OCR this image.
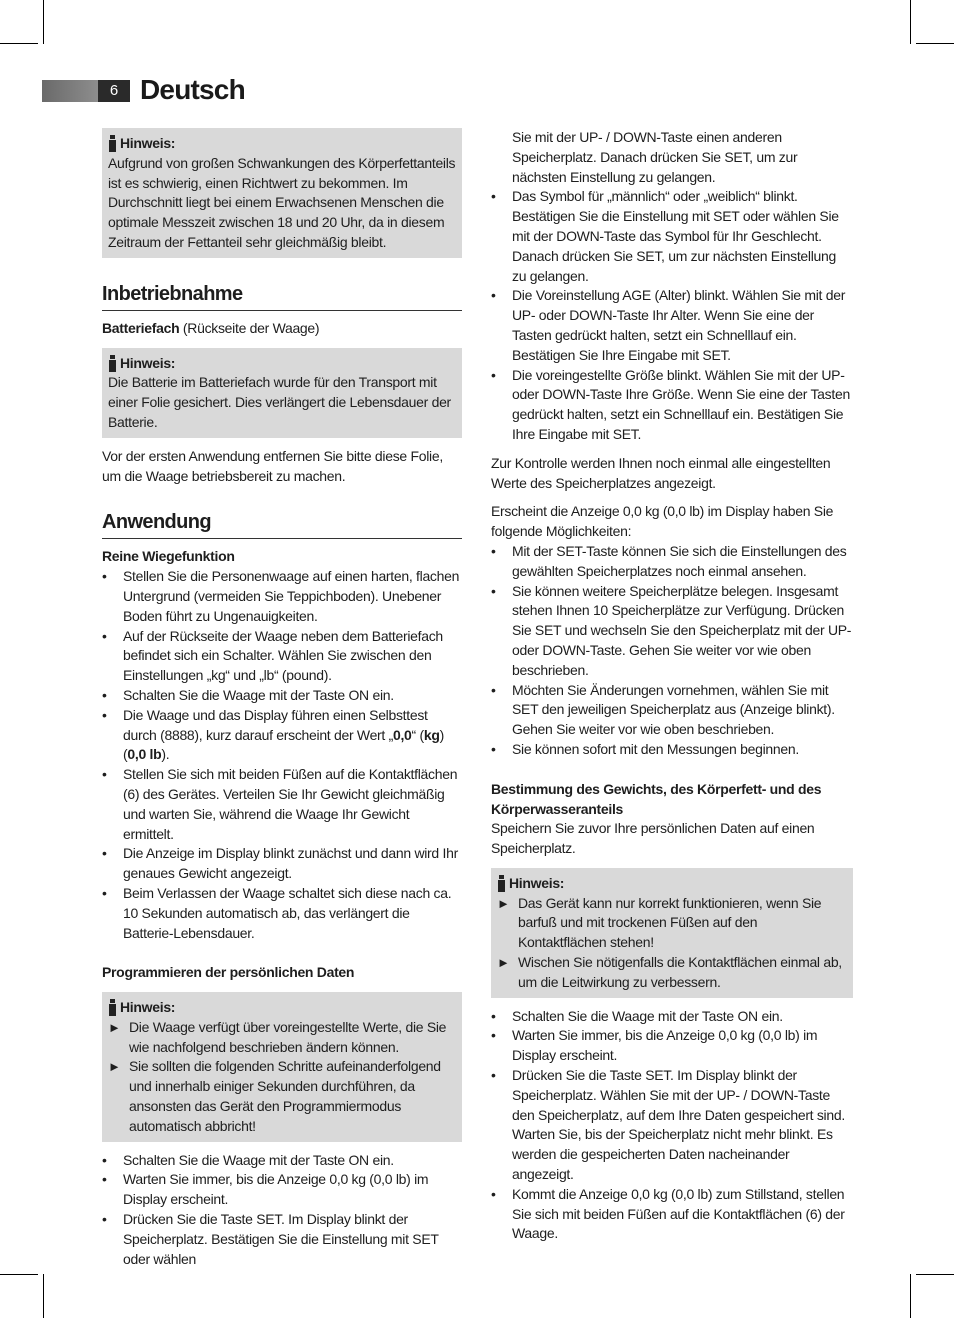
6 Deutsch
Hinweis:

Aufgrund von großen Schwankungen des Körperfettanteils ist es schwierig, einen Richtwert zu bekommen. Im Durchschnitt liegt bei einem Erwachsenen Menschen die optimale Messzeit zwischen 18 und 20 Uhr, da in diesem Zeitraum der Fettanteil sehr gleichmäßig bleibt.

Inbetriebnahme

Batteriefach (Rückseite der Waage)

Hinweis:

Die Batterie im Batteriefach wurde für den Transport mit einer Folie gesichert. Dies verlängert die Lebensdauer der Batterie.

Vor der ersten Anwendung entfernen Sie bitte diese Folie, um die Waage betriebsbereit zu machen.

Anwendung
Reine Wiegefunktion
• Stellen Sie die Personenwaage auf einen harten, flachen Untergrund (vermeiden Sie Teppichboden). Unebener Boden führt zu Ungenauigkeiten.
• Auf der Rückseite der Waage neben dem Batteriefach befindet sich ein Schalter. Wählen Sie zwischen den Einstellungen „kg“ und „lb“ (pound).
• Schalten Sie die Waage mit der Taste ON ein.
• Die Waage und das Display führen einen Selbsttest durch (8888), kurz darauf erscheint der Wert „0,0“ (kg) (0,0 lb).
• Stellen Sie sich mit beiden Füßen auf die Kontaktflächen (6) des Gerätes. Verteilen Sie Ihr Gewicht gleichmäßig und warten Sie, während die Waage Ihr Gewicht ermittelt.
• Die Anzeige im Display blinkt zunächst und dann wird Ihr genaues Gewicht angezeigt.
• Beim Verlassen der Waage schaltet sich diese nach ca. 10 Sekunden automatisch ab, das verlängert die Batterie-Lebensdauer.
Programmieren der persönlichen Daten
Hinweis:
► Die Waage verfügt über voreingestellte Werte, die Sie wie nachfolgend beschrieben ändern können.
► Sie sollten die folgenden Schritte aufeinanderfolgend und innerhalb einiger Sekunden durchführen, da ansonsten das Gerät den Programmiermodus automatisch abbricht!
• Schalten Sie die Waage mit der Taste ON ein.
• Warten Sie immer, bis die Anzeige 0,0 kg (0,0 lb) im Display erscheint.
• Drücken Sie die Taste SET. Im Display blinkt der Speicherplatz. Bestätigen Sie die Einstellung mit SET oder wählen

Sie mit der UP- / DOWN-Taste einen anderen Speicherplatz. Danach drücken Sie SET, um zur nächsten Einstellung zu gelangen.

• Das Symbol für „männlich“ oder „weiblich“ blinkt. Bestätigen Sie die Einstellung mit SET oder wählen Sie mit der DOWN-Taste das Symbol für Ihr Geschlecht. Danach drücken Sie SET, um zur nächsten Einstellung zu gelangen.
• Die Voreinstellung AGE (Alter) blinkt. Wählen Sie mit der UP- oder DOWN-Taste Ihr Alter. Wenn Sie eine der Tasten gedrückt halten, setzt ein Schnelllauf ein. Bestätigen Sie Ihre Eingabe mit SET.
• Die voreingestellte Größe blinkt. Wählen Sie mit der UP- oder DOWN-Taste Ihre Größe. Wenn Sie eine der Tasten gedrückt halten, setzt ein Schnelllauf ein. Bestätigen Sie Ihre Eingabe mit SET.

Zur Kontrolle werden Ihnen noch einmal alle eingestellten Werte des Speicherplatzes angezeigt.

Erscheint die Anzeige 0,0 kg (0,0 lb) im Display haben Sie folgende Möglichkeiten:

• Mit der SET-Taste können Sie sich die Einstellungen des gewählten Speicherplatzes noch einmal ansehen.
• Sie können weitere Speicherplätze belegen. Insgesamt stehen Ihnen 10 Speicherplätze zur Verfügung. Drücken Sie SET und wechseln Sie den Speicherplatz mit der UP- oder DOWN-Taste. Gehen Sie weiter vor wie oben beschrieben.
• Möchten Sie Änderungen vornehmen, wählen Sie mit SET den jeweiligen Speicherplatz aus (Anzeige blinkt). Gehen Sie weiter vor wie oben beschrieben.
• Sie können sofort mit den Messungen beginnen.
Bestimmung des Gewichts, des Körperfett- und des Körperwasseranteils

Speichern Sie zuvor Ihre persönlichen Daten auf einen Speicherplatz.

Hinweis:
► Das Gerät kann nur korrekt funktionieren, wenn Sie barfuß und mit trockenen Füßen auf den Kontaktflächen stehen!
► Wischen Sie nötigenfalls die Kontaktflächen einmal ab, um die Leitwirkung zu verbessern.
• Schalten Sie die Waage mit der Taste ON ein.
• Warten Sie immer, bis die Anzeige 0,0 kg (0,0 lb) im Display erscheint.
• Drücken Sie die Taste SET. Im Display blinkt der Speicherplatz. Wählen Sie mit der UP- / DOWN-Taste den Speicherplatz, auf dem Ihre Daten gespeichert sind. Warten Sie, bis der Speicherplatz nicht mehr blinkt. Es werden die gespeicherten Daten nacheinander angezeigt.
• Kommt die Anzeige 0,0 kg (0,0 lb) zum Stillstand, stellen Sie sich mit beiden Füßen auf die Kontaktflächen (6) der Waage.
